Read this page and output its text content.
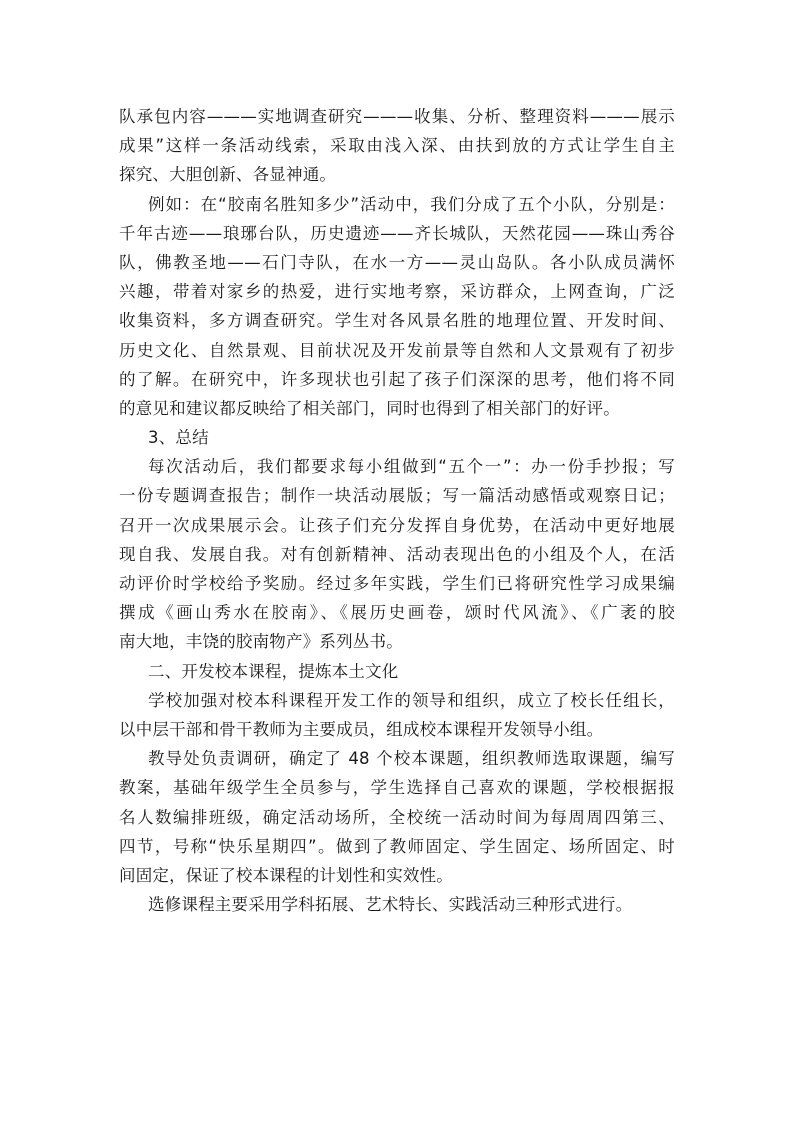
队承包内容———实地调查研究———收集、分析、整理资料———展示
成果”这样一条活动线索，采取由浅入深、由扶到放的方式让学生自主
探究、大胆创新、各显神通。
例如：在“胶南名胜知多少”活动中，我们分成了五个小队，分别是：
千年古迹——琅琊台队，历史遗迹——齐长城队，天然花园——珠山秀谷
队，佛教圣地——石门寺队，在水一方——灵山岛队。各小队成员满怀
兴趣，带着对家乡的热爱，进行实地考察，采访群众，上网查询，广泛
收集资料，多方调查研究。学生对各风景名胜的地理位置、开发时间、
历史文化、自然景观、目前状况及开发前景等自然和人文景观有了初步
的了解。在研究中，许多现状也引起了孩子们深深的思考，他们将不同
的意见和建议都反映给了相关部门，同时也得到了相关部门的好评。
3、总结
每次活动后，我们都要求每小组做到“五个一”：办一份手抄报；写
一份专题调查报告；制作一块活动展版；写一篇活动感悟或观察日记；
召开一次成果展示会。让孩子们充分发挥自身优势，在活动中更好地展
现自我、发展自我。对有创新精神、活动表现出色的小组及个人，在活
动评价时学校给予奖励。经过多年实践，学生们已将研究性学习成果编
撰成《画山秀水在胶南》、《展历史画卷，颂时代风流》、《广袤的胶
南大地，丰饶的胶南物产》系列丛书。
二、开发校本课程，提炼本土文化
学校加强对校本科课程开发工作的领导和组织，成立了校长任组长，
以中层干部和骨干教师为主要成员，组成校本课程开发领导小组。
教导处负责调研，确定了 48 个校本课题，组织教师选取课题，编写
教案，基础年级学生全员参与，学生选择自己喜欢的课题，学校根据报
名人数编排班级，确定活动场所，全校统一活动时间为每周周四第三、
四节，号称“快乐星期四”。做到了教师固定、学生固定、场所固定、时
间固定，保证了校本课程的计划性和实效性。
选修课程主要采用学科拓展、艺术特长、实践活动三种形式进行。
